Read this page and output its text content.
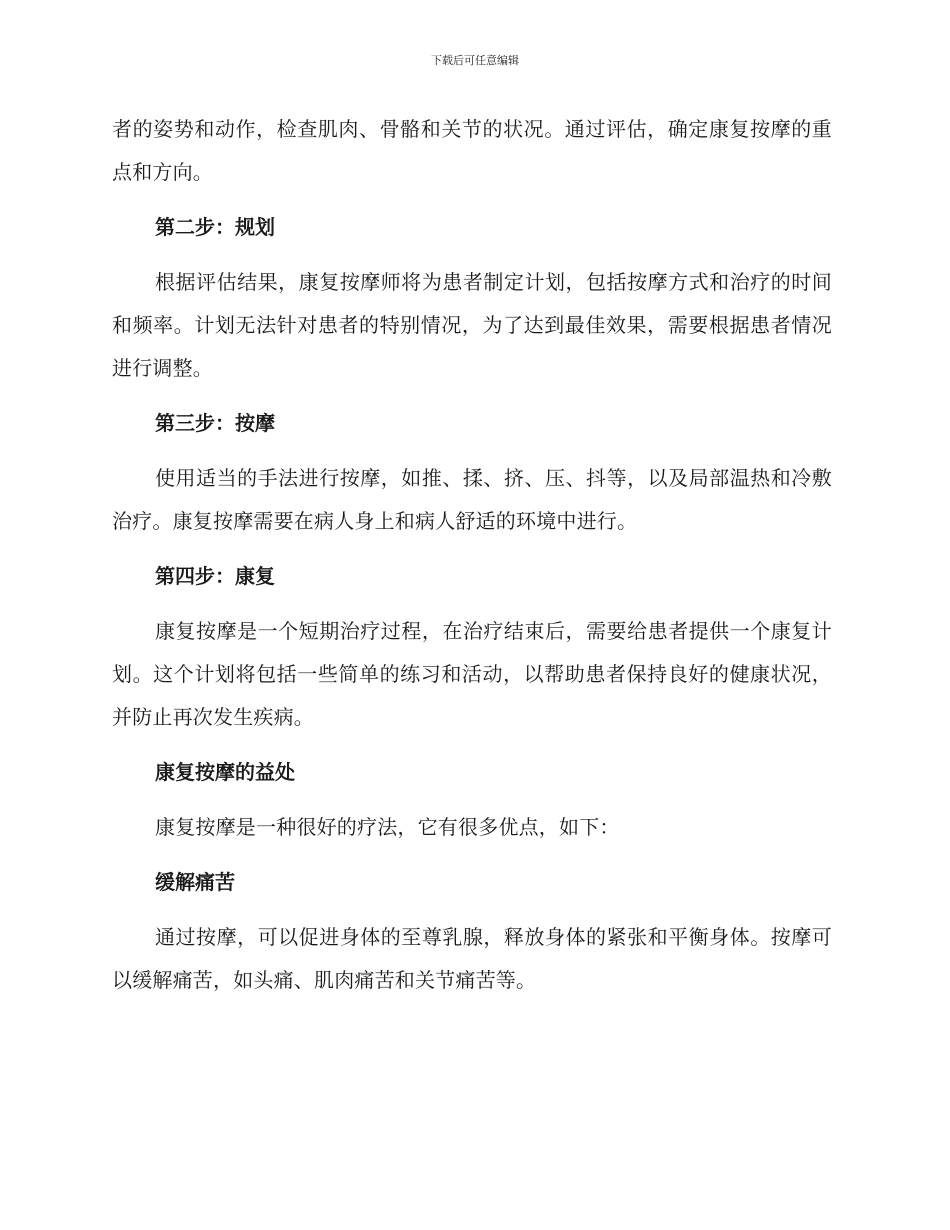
下载后可任意编辑

者的姿势和动作，检查肌肉、骨骼和关节的状况。通过评估，确定康复按摩的重点和方向。

第二步：规划

根据评估结果，康复按摩师将为患者制定计划，包括按摩方式和治疗的时间和频率。计划无法针对患者的特别情况，为了达到最佳效果，需要根据患者情况进行调整。

第三步：按摩

使用适当的手法进行按摩，如推、揉、挤、压、抖等，以及局部温热和冷敷治疗。康复按摩需要在病人身上和病人舒适的环境中进行。

第四步：康复

康复按摩是一个短期治疗过程，在治疗结束后，需要给患者提供一个康复计划。这个计划将包括一些简单的练习和活动，以帮助患者保持良好的健康状况，并防止再次发生疾病。

康复按摩的益处

康复按摩是一种很好的疗法，它有很多优点，如下：

缓解痛苦

通过按摩，可以促进身体的至尊乳腺，释放身体的紧张和平衡身体。按摩可以缓解痛苦，如头痛、肌肉痛苦和关节痛苦等。
